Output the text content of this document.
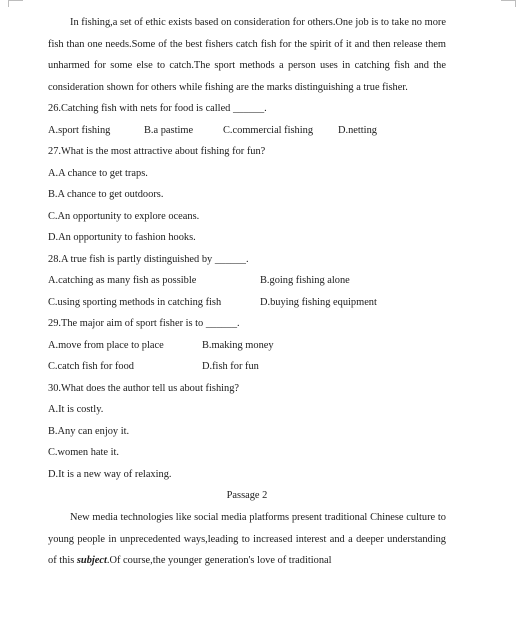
In fishing,a set of ethic exists based on consideration for others.One job is to take no more fish than one needs.Some of the best fishers catch fish for the spirit of it and then release them unharmed for some else to catch.The sport methods a person uses in catching fish and the consideration shown for others while fishing are the marks distinguishing a true fisher.

26.Catching fish with nets for food is called ______.
A.sport fishing	B.a pastime	C.commercial fishing D.netting
27.What is the most attractive about fishing for fun?
A.A chance to get traps.
B.A chance to get outdoors.
C.An opportunity to explore oceans.
D.An opportunity to fashion hooks.
28.A true fish is partly distinguished by ______.
A.catching as many fish as possible	B.going fishing alone
C.using sporting methods in catching fish	D.buying fishing equipment
29.The major aim of sport fisher is to ______.
A.move from place to place	B.making money
C.catch fish for food	D.fish for fun
30.What does the author tell us about fishing?
A.It is costly.
B.Any can enjoy it.
C.women hate it.
D.It is a new way of relaxing.
Passage 2

New media technologies like social media platforms present traditional Chinese culture to young people in unprecedented ways,leading to increased interest and a deeper understanding of this subject.Of course,the younger generation's love of traditional
